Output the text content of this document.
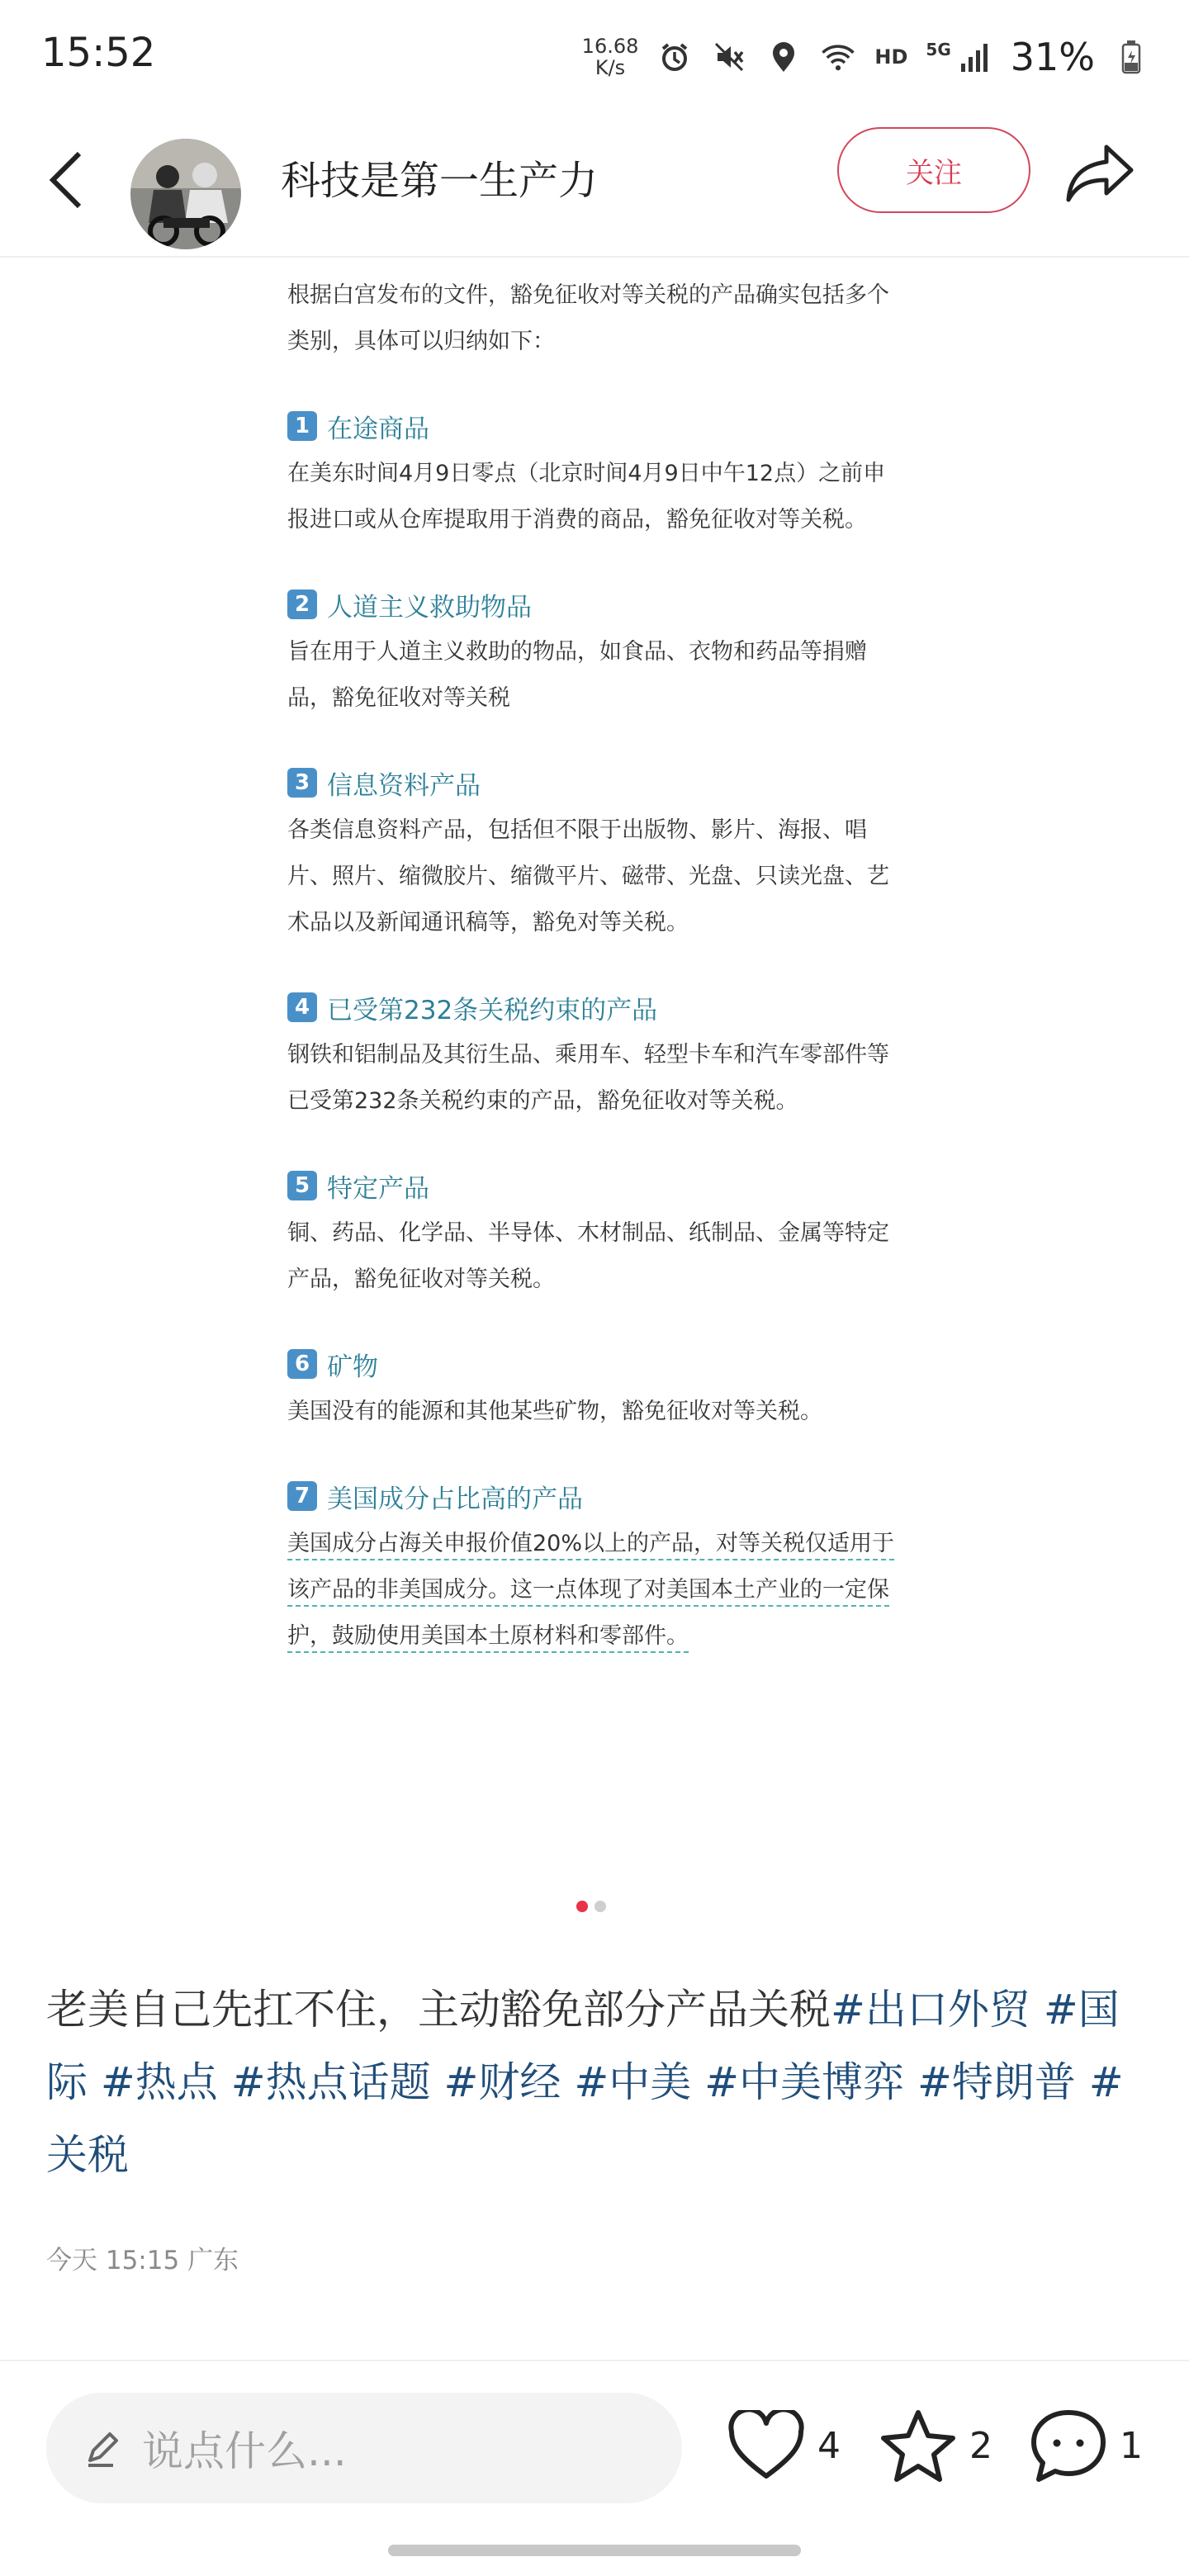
15:52	16.68
K/s	HD 5G 31%
科技是第一生产力	关注

根据白宫发布的文件，豁免征收对等关税的产品确实包括多个类别，具体可以归纳如下：

1 在途商品

在美东时间4月9日零点（北京时间4月9日中午12点）之前申报进口或从仓库提取用于消费的商品，豁免征收对等关税。

2 人道主义救助物品

旨在用于人道主义救助的物品，如食品、衣物和药品等捐赠品，豁免征收对等关税

3 信息资料产品

各类信息资料产品，包括但不限于出版物、影片、海报、唱片、照片、缩微胶片、缩微平片、磁带、光盘、只读光盘、艺术品以及新闻通讯稿等，豁免对等关税。

4 已受第232条关税约束的产品

钢铁和铝制品及其衍生品、乘用车、轻型卡车和汽车零部件等已受第232条关税约束的产品，豁免征收对等关税。

5 特定产品

铜、药品、化学品、半导体、木材制品、纸制品、金属等特定产品，豁免征收对等关税。

6 矿物

美国没有的能源和其他某些矿物，豁免征收对等关税。

7 美国成分占比高的产品

美国成分占海关申报价值20%以上的产品，对等关税仅适用于该产品的非美国成分。这一点体现了对美国本土产业的一定保护，鼓励使用美国本土原材料和零部件。

老美自己先扛不住，主动豁免部分产品关税#出口外贸 #国际 #热点 #热点话题 #财经 #中美 #中美博弈 #特朗普 #关税
今天 15:15 广东
说点什么...	4	2	1
